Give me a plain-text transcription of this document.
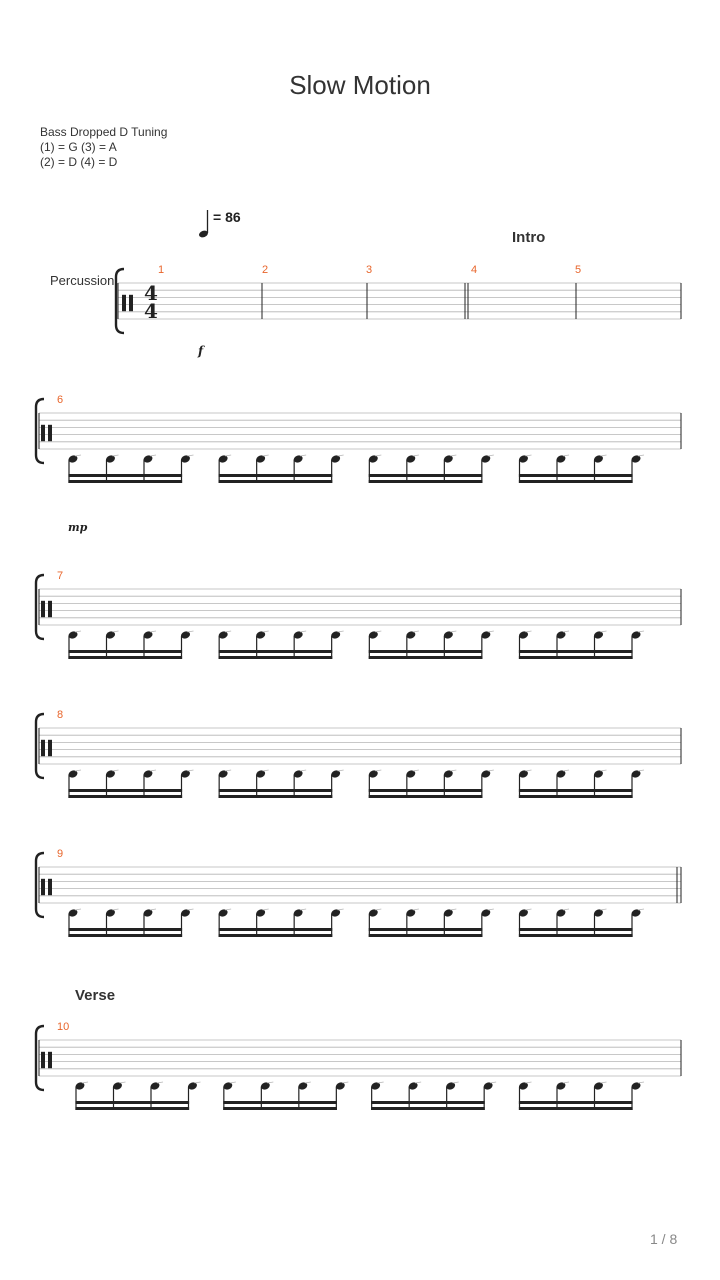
Slow Motion
Bass Dropped D Tuning
(1) = G (3) = A
(2) = D (4) = D
= 86
Intro
Verse
Percussion
f
mp
1 / 8
4
4
1	2	3	4	5
6
7
8
9
10
